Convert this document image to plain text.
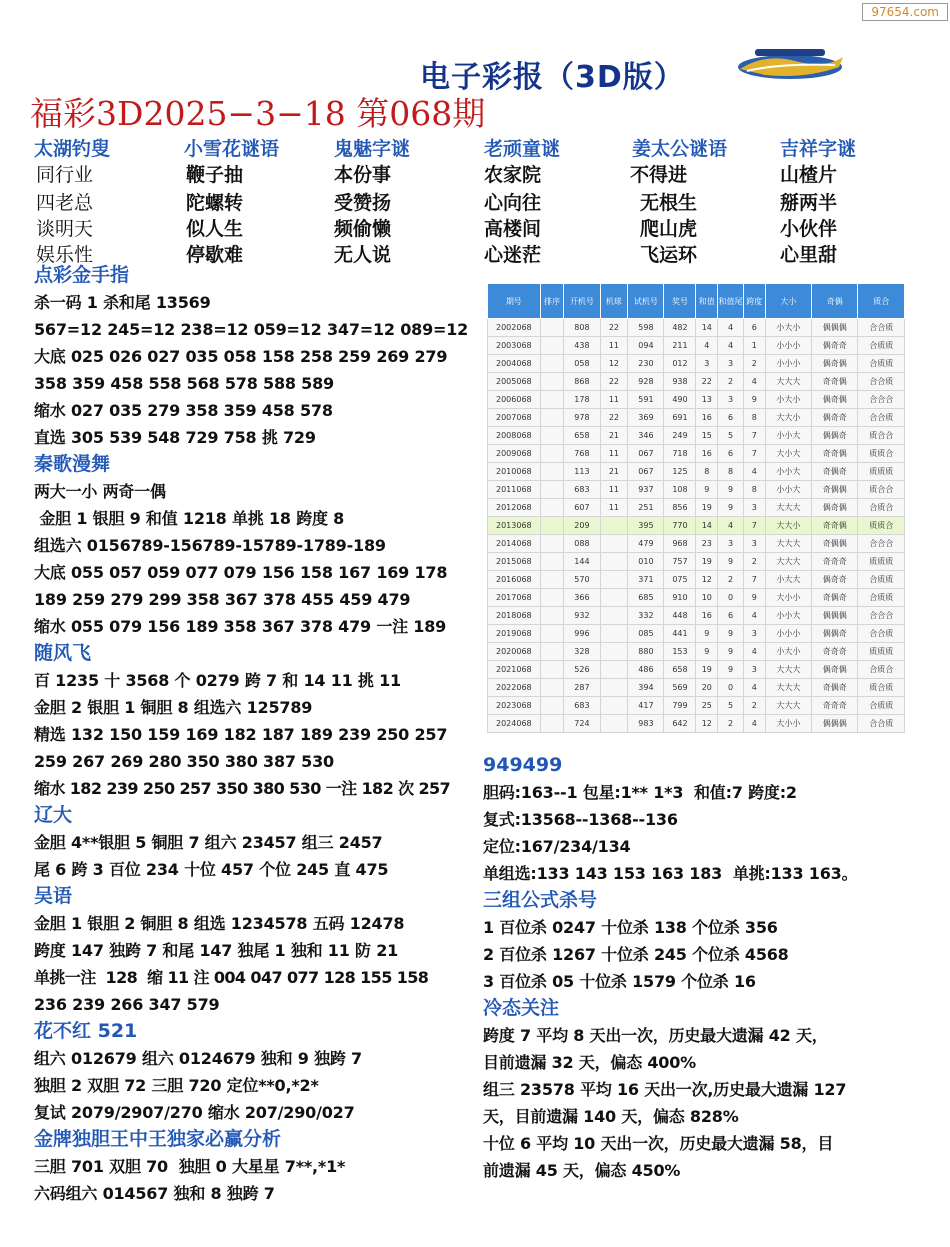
97654.com
电子彩报（3D版）
福彩3D2025−3−18 第068期
太湖钓叟	小雪花谜语	鬼魅字谜	老顽童谜	姜太公谜语	吉祥字谜
同行业	鞭子抽	本份事	农家院	不得进	山楂片
四老总	陀螺转	受赞扬	心向往	无根生	掰两半
谈明天	似人生	频偷懒	高楼间	爬山虎	小伙伴
娱乐性	停歇难	无人说	心迷茫	飞运环	心里甜
点彩金手指
杀一码 1 杀和尾 13569
567=12 245=12 238=12 059=12 347=12 089=12
大底 025 026 027 035 058 158 258 259 269 279
358 359 458 558 568 578 588 589
缩水 027 035 279 358 359 458 578
直选 305 539 548 729 758 挑 729
秦歌漫舞
两大一小 两奇一偶
金胆 1 银胆 9 和值 1218 单挑 18 跨度 8
组选六 0156789-156789-15789-1789-189
大底 055 057 059 077 079 156 158 167 169 178
189 259 279 299 358 367 378 455 459 479
缩水 055 079 156 189 358 367 378 479 一注 189
随风飞
百 1235 十 3568 个 0279 跨 7 和 14 11 挑 11
金胆 2 银胆 1 铜胆 8 组选六 125789
精选 132 150 159 169 182 187 189 239 250 257
259 267 269 280 350 380 387 530
缩水 182 239 250 257 350 380 530 一注 182 次 257
辽大
金胆 4**银胆 5 铜胆 7 组六 23457 组三 2457
尾 6 跨 3 百位 234 十位 457 个位 245 直 475
吴语
金胆 1 银胆 2 铜胆 8 组选 1234578 五码 12478
跨度 147 独跨 7 和尾 147 独尾 1 独和 11 防 21
单挑一注  128  缩 11 注 004 047 077 128 155 158
236 239 266 347 579
花不红 521
组六 012679 组六 0124679 独和 9 独跨 7
独胆 2 双胆 72 三胆 720 定位**0,*2*
复试 2079/2907/270 缩水 207/290/027
金牌独胆王中王独家必赢分析
三胆 701 双胆 70  独胆 0 大星星 7**,*1*
六码组六 014567 独和 8 独跨 7
期号	排序	开机号	机球	试机号	奖号	和值	和值尾	跨度	大小	奇偶	质合
2002068		808	22	598	482	14	4	6	小大小	偶偶偶	合合质
2003068		438	11	094	211	4	4	1	小小小	偶奇奇	合质质
2004068		058	12	230	012	3	3	2	小小小	偶奇偶	合质质
2005068		868	22	928	938	22	2	4	大大大	奇奇偶	合合质
2006068		178	11	591	490	13	3	9	小大小	偶奇偶	合合合
2007068		978	22	369	691	16	6	8	大大小	偶奇奇	合合质
2008068		658	21	346	249	15	5	7	小小大	偶偶奇	质合合
2009068		768	11	067	718	16	6	7	大小大	奇奇偶	质质合
2010068		113	21	067	125	8	8	4	小小大	奇偶奇	质质质
2011068		683	11	937	108	9	9	8	小小大	奇偶偶	质合合
2012068		607	11	251	856	19	9	3	大大大	偶奇偶	合质合
2013068		209		395	770	14	4	7	大大小	奇奇偶	质质合
2014068		088		479	968	23	3	3	大大大	奇偶偶	合合合
2015068		144		010	757	19	9	2	大大大	奇奇奇	质质质
2016068		570		371	075	12	2	7	小大大	偶奇奇	合质质
2017068		366		685	910	10	0	9	大小小	奇偶奇	合质质
2018068		932		332	448	16	6	4	小小大	偶偶偶	合合合
2019068		996		085	441	9	9	3	小小小	偶偶奇	合合质
2020068		328		880	153	9	9	4	小大小	奇奇奇	质质质
2021068		526		486	658	19	9	3	大大大	偶奇偶	合质合
2022068		287		394	569	20	0	4	大大大	奇偶奇	质合质
2023068		683		417	799	25	5	2	大大大	奇奇奇	合质质
2024068		724		983	642	12	2	4	大小小	偶偶偶	合合质
949499
胆码:163--1 包星:1** 1*3  和值:7 跨度:2
复式:13568--1368--136
定位:167/234/134
单组选:133 143 153 163 183  单挑:133 163。
三组公式杀号
1 百位杀 0247 十位杀 138 个位杀 356
2 百位杀 1267 十位杀 245 个位杀 4568
3 百位杀 05 十位杀 1579 个位杀 16
冷态关注
跨度 7 平均 8 天出一次，历史最大遗漏 42 天，
目前遗漏 32 天，偏态 400%
组三 23578 平均 16 天出一次,历史最大遗漏 127
天，目前遗漏 140 天，偏态 828%
十位 6 平均 10 天出一次，历史最大遗漏 58，目
前遗漏 45 天，偏态 450%
